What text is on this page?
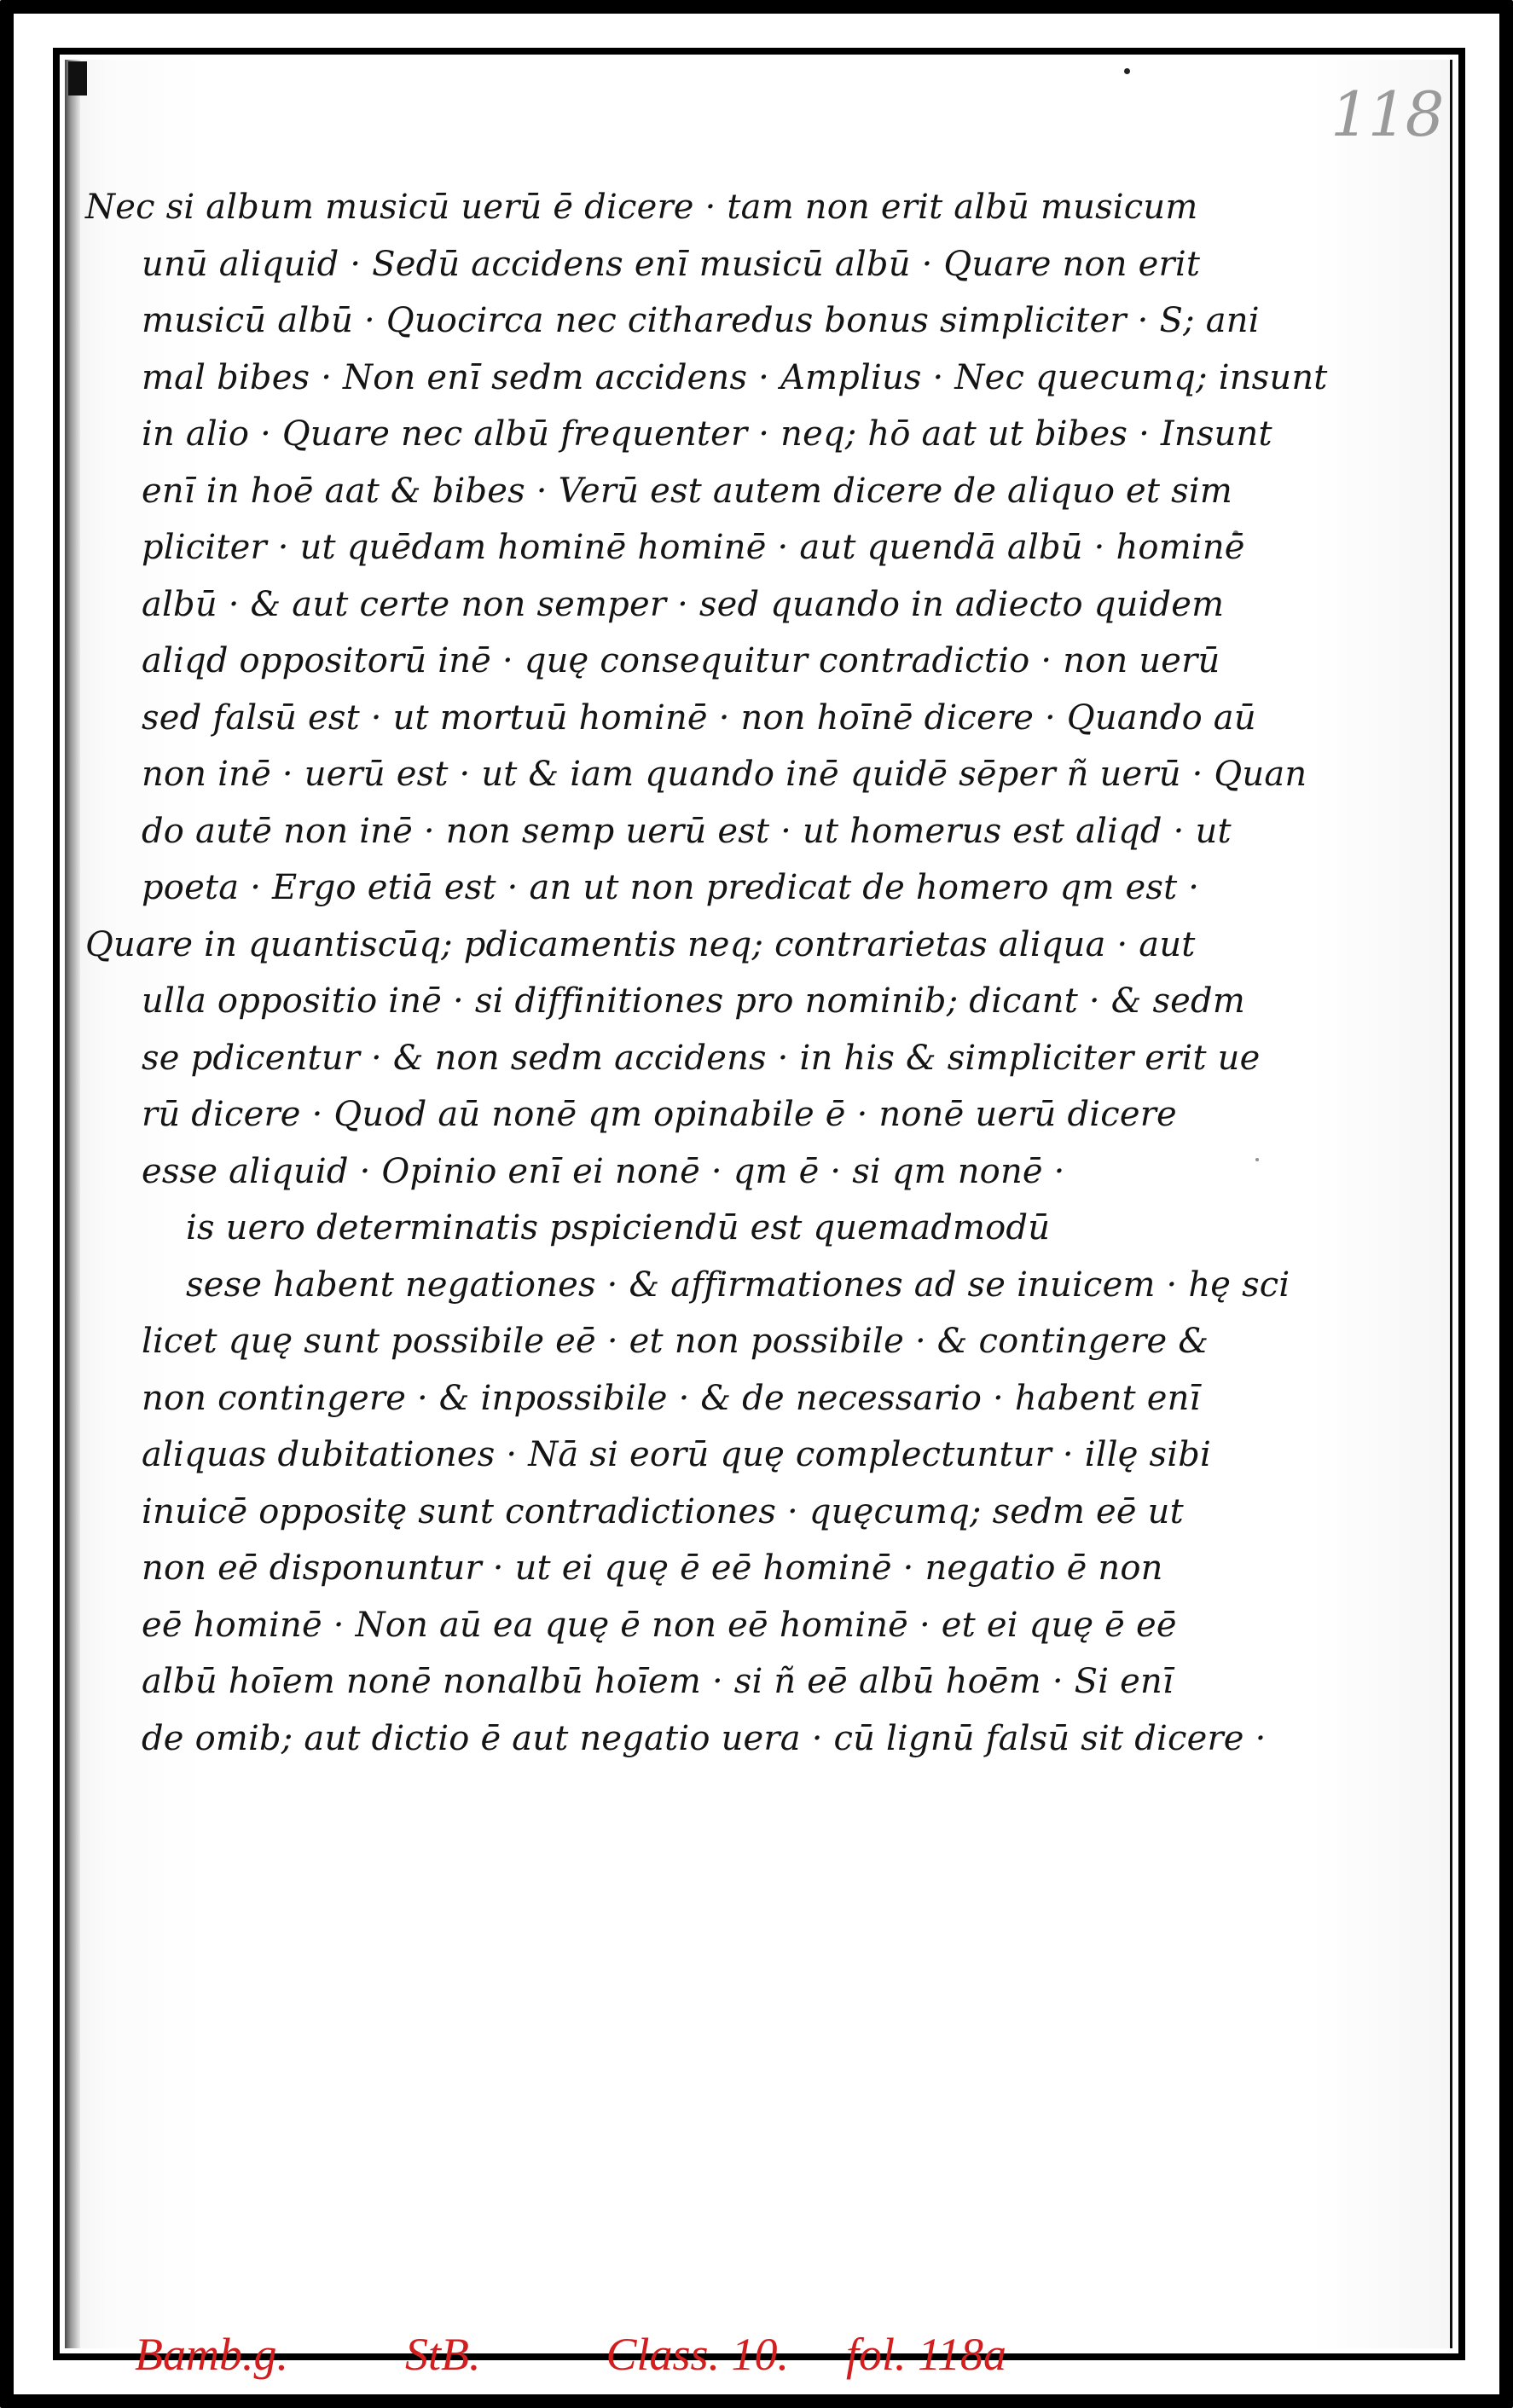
118
Nec si album musicū uerū ē dicere · tam non erit albū musicum
unū aliquid · Sedū accidens enī musicū albū · Quare non erit
musicū albū · Quocirca nec citharedus bonus simpliciter · S; ani
mal bibes · Non enī sedm accidens · Amplius · Nec quecumq; insunt
in alio · Quare nec albū frequenter · neq; hō aat ut bibes · Insunt
enī in hoē aat & bibes · Verū est autem dicere de aliquo et sim
pliciter · ut quēdam hominē hominē · aut quendā albū · hominē
albū · & aut certe non semper · sed quando in adiecto quidem
aliqd oppositorū inē · quę consequitur contradictio · non uerū
sed falsū est · ut mortuū hominē · non hoīnē dicere · Quando aū
non inē · uerū est · ut & iam quando inē quidē sēper ñ uerū · Quan
do autē non inē · non semp uerū est · ut homerus est aliqd · ut
poeta · Ergo etiā est · an ut non predicat de homero qm est ·
Quare in quantiscūq; pdicamentis neq; contrarietas aliqua · aut
ulla oppositio inē · si diffinitiones pro nominib; dicant · & sedm
se pdicentur · & non sedm accidens · in his & simpliciter erit ue
rū dicere · Quod aū nonē qm opinabile ē · nonē uerū dicere
esse aliquid · Opinio enī ei nonē · qm ē · si qm nonē ·
is uero determinatis pspiciendū est quemadmodū
sese habent negationes · & affirmationes ad se inuicem · hę sci
licet quę sunt possibile eē · et non possibile · & contingere &
non contingere · & inpossibile · & de necessario · habent enī
aliquas dubitationes · Nā si eorū quę complectuntur · illę sibi
inuicē oppositę sunt contradictiones · quęcumq; sedm eē ut
non eē disponuntur · ut ei quę ē eē hominē · negatio ē non
eē hominē · Non aū ea quę ē non eē hominē · et ei quę ē eē
albū hoīem nonē nonalbū hoīem · si ñ eē albū hoēm · Si enī
de omib; aut dictio ē aut negatio uera · cū lignū falsū sit dicere ·
Bamb.g.	StB.	Class. 10. fol. 118a
